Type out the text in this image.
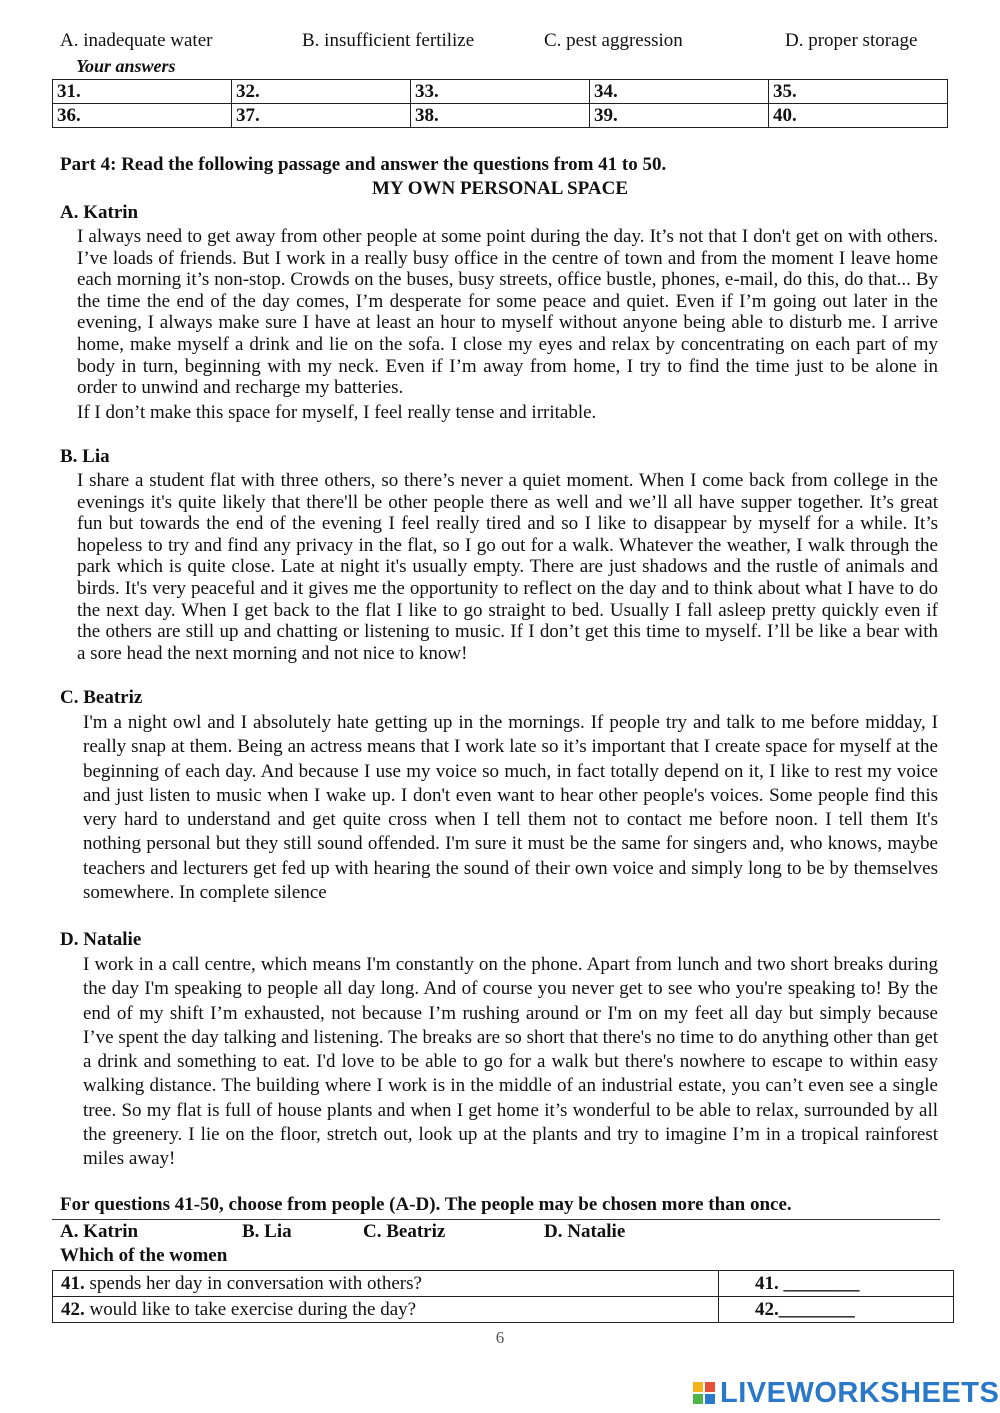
A. inadequate water	B. insufficient fertilize	C. pest aggression	D. proper storage
Your answers
31.	32.	33.	34.	35.
36.	37.	38.	39.	40.
Part 4: Read the following passage and answer the questions from 41 to 50.
MY OWN PERSONAL SPACE
A. Katrin

I always need to get away from other people at some point during the day. It’s not that I don't get on with others. I’ve loads of friends. But I work in a really busy office in the centre of town and from the moment I leave home each morning it’s non-stop. Crowds on the buses, busy streets, office bustle, phones, e-mail, do this, do that... By the time the end of the day comes, I’m desperate for some peace and quiet. Even if I’m going out later in the evening, I always make sure I have at least an hour to myself without anyone being able to disturb me. I arrive home, make myself a drink and lie on the sofa. I close my eyes and relax by concentrating on each part of my body in turn, beginning with my neck. Even if I’m away from home, I try to find the time just to be alone in order to unwind and recharge my batteries.

If I don’t make this space for myself, I feel really tense and irritable.

B. Lia

I share a student flat with three others, so there’s never a quiet moment. When I come back from college in the evenings it's quite likely that there'll be other people there as well and we’ll all have supper together. It’s great fun but towards the end of the evening I feel really tired and so I like to disappear by myself for a while. It’s hopeless to try and find any privacy in the flat, so I go out for a walk. Whatever the weather, I walk through the park which is quite close. Late at night it's usually empty. There are just shadows and the rustle of animals and birds. It's very peaceful and it gives me the opportunity to reflect on the day and to think about what I have to do the next day. When I get back to the flat I like to go straight to bed. Usually I fall asleep pretty quickly even if the others are still up and chatting or listening to music. If I don’t get this time to myself. I’ll be like a bear with a sore head the next morning and not nice to know!

C. Beatriz

I'm a night owl and I absolutely hate getting up in the mornings. If people try and talk to me before midday, I really snap at them. Being an actress means that I work late so it’s important that I create space for myself at the beginning of each day. And because I use my voice so much, in fact totally depend on it, I like to rest my voice and just listen to music when I wake up. I don't even want to hear other people's voices. Some people find this very hard to understand and get quite cross when I tell them not to contact me before noon. I tell them It's nothing personal but they still sound offended. I'm sure it must be the same for singers and, who knows, maybe teachers and lecturers get fed up with hearing the sound of their own voice and simply long to be by themselves somewhere. In complete silence

D. Natalie

I work in a call centre, which means I'm constantly on the phone. Apart from lunch and two short breaks during the day I'm speaking to people all day long. And of course you never get to see who you're speaking to! By the end of my shift I’m exhausted, not because I’m rushing around or I'm on my feet all day but simply because I’ve spent the day talking and listening. The breaks are so short that there's no time to do anything other than get a drink and something to eat. I'd love to be able to go for a walk but there's nowhere to escape to within easy walking distance. The building where I work is in the middle of an industrial estate, you can’t even see a single tree. So my flat is full of house plants and when I get home it’s wonderful to be able to relax, surrounded by all the greenery. I lie on the floor, stretch out, look up at the plants and try to imagine I’m in a tropical rainforest miles away!

For questions 41-50, choose from people (A-D). The people may be chosen more than once.
A. Katrin	B. Lia	C. Beatriz	D. Natalie
Which of the women
41. spends her day in conversation with others?	41. ________
42. would like to take exercise during the day?	42.________
6
LIVEWORKSHEETS
